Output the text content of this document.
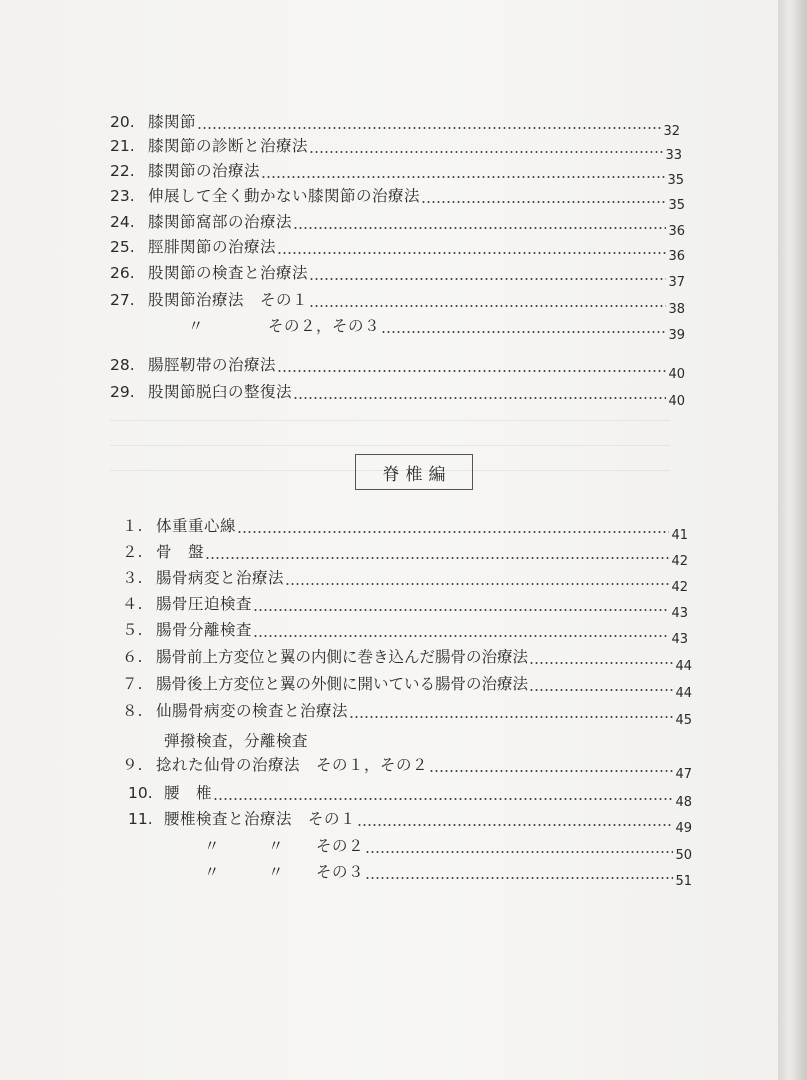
20. 膝関節
32
21. 膝関節の診断と治療法
33
22. 膝関節の治療法
35
23. 伸展して全く動かない膝関節の治療法
35
24. 膝関節窩部の治療法
36
25. 脛腓関節の治療法
36
26. 股関節の検査と治療法
37
27. 股関節治療法　その１
38
〃　　　　その２，その３
39
28. 腸脛靭帯の治療法
40
29. 股関節脱臼の整復法
40
脊椎編
１. 体重重心線
41
２. 骨　盤
42
３. 腸骨病変と治療法
42
４. 腸骨圧迫検査
43
５. 腸骨分離検査
43
６. 腸骨前上方変位と翼の内側に巻き込んだ腸骨の治療法
44
７. 腸骨後上方変位と翼の外側に開いている腸骨の治療法
44
８. 仙腸骨病変の検査と治療法
45
弾撥検査，分離検査
９. 捻れた仙骨の治療法　その１，その２
47
10. 腰　椎
48
11. 腰椎検査と治療法　その１
49
〃　　　〃　　その２
50
〃　　　〃　　その３
51
